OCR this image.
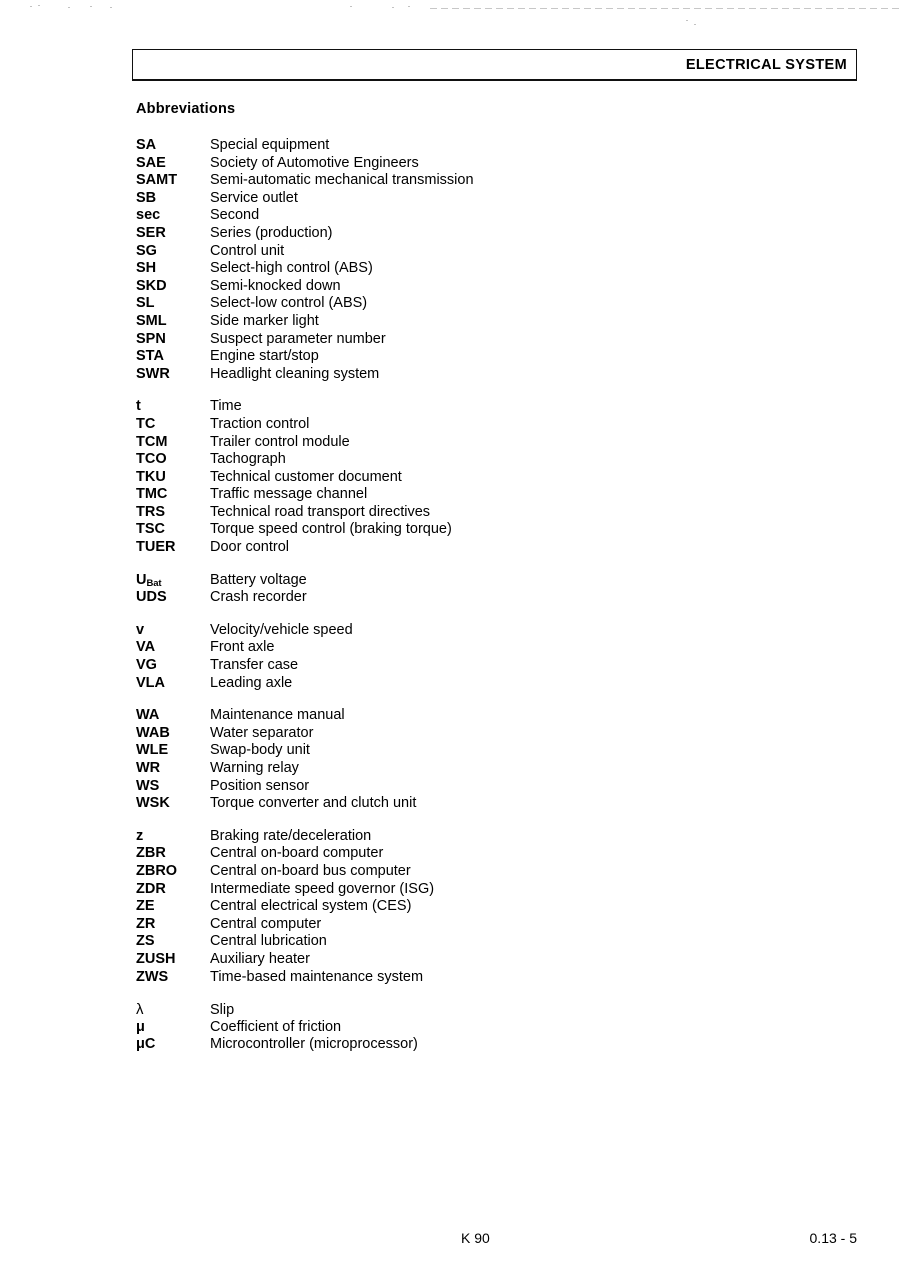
ELECTRICAL SYSTEM
Abbreviations
SA	Special equipment
SAE	Society of Automotive Engineers
SAMT	Semi-automatic mechanical transmission
SB	Service outlet
sec	Second
SER	Series (production)
SG	Control unit
SH	Select-high control (ABS)
SKD	Semi-knocked down
SL	Select-low control (ABS)
SML	Side marker light
SPN	Suspect parameter number
STA	Engine start/stop
SWR	Headlight cleaning system
t	Time
TC	Traction control
TCM	Trailer control module
TCO	Tachograph
TKU	Technical customer document
TMC	Traffic message channel
TRS	Technical road transport directives
TSC	Torque speed control (braking torque)
TUER	Door control
$U_{Bat}$	Battery voltage
UDS	Crash recorder
v	Velocity/vehicle speed
VA	Front axle
VG	Transfer case
VLA	Leading axle
WA	Maintenance manual
WAB	Water separator
WLE	Swap-body unit
WR	Warning relay
WS	Position sensor
WSK	Torque converter and clutch unit
z	Braking rate/deceleration
ZBR	Central on-board computer
ZBRO	Central on-board bus computer
ZDR	Intermediate speed governor (ISG)
ZE	Central electrical system (CES)
ZR	Central computer
ZS	Central lubrication
ZUSH	Auxiliary heater
ZWS	Time-based maintenance system
λ	Slip
μ	Coefficient of friction
μC	Microcontroller (microprocessor)
K 90	0.13 - 5
